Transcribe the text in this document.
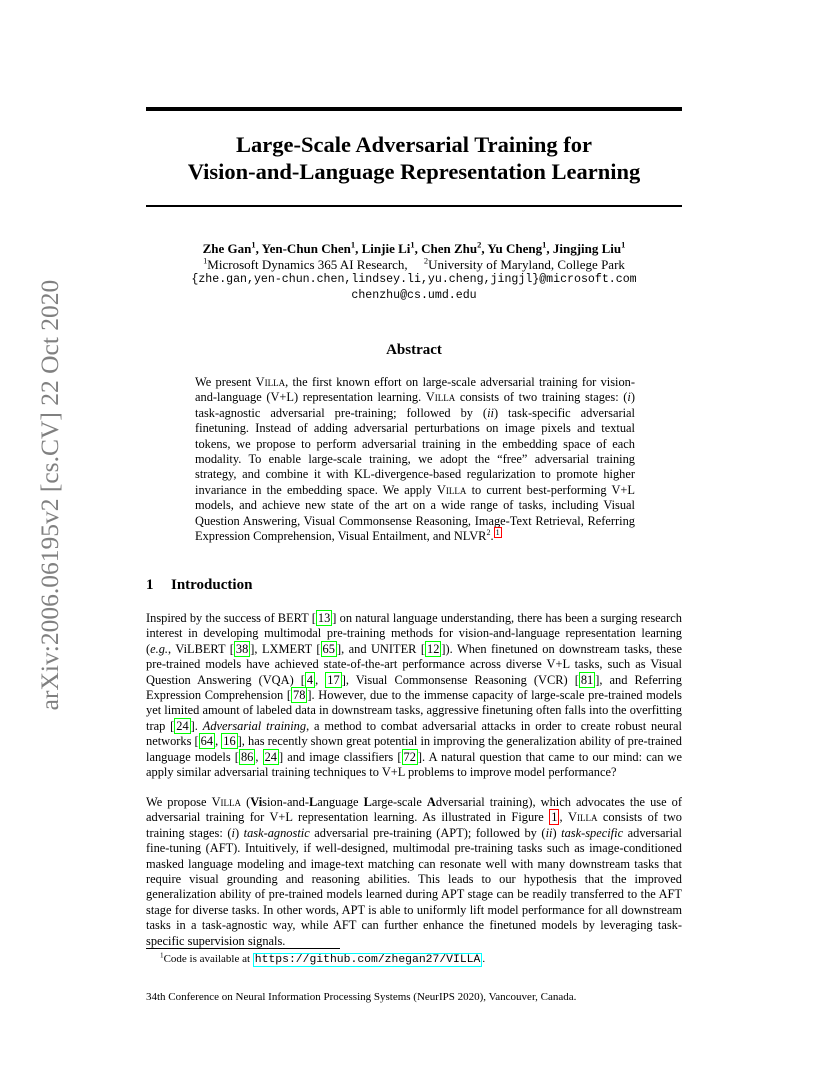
Large-Scale Adversarial Training for
Vision-and-Language Representation Learning
Zhe Gan$^1$, Yen-Chun Chen$^1$, Linjie Li$^1$, Chen Zhu$^2$, Yu Cheng$^1$, Jingjing Liu$^1$
$^1$Microsoft Dynamics 365 AI Research, $^2$University of Maryland, College Park
{zhe.gan,yen-chun.chen,lindsey.li,yu.cheng,jingjl}@microsoft.com
chenzhu@cs.umd.edu
arXiv:2006.06195v2 [cs.CV] 22 Oct 2020	Abstract
We present Villa, the first known effort on large-scale adversarial training for vision-and-language (V+L) representation learning. Villa consists of two training stages: (i) task-agnostic adversarial pre-training; followed by (ii) task-specific adversarial finetuning. Instead of adding adversarial perturbations on image pixels and textual tokens, we propose to perform adversarial training in the embedding space of each modality. To enable large-scale training, we adopt the “free” adversarial training strategy, and combine it with KL-divergence-based regularization to promote higher invariance in the embedding space. We apply Villa to current best-performing V+L models, and achieve new state of the art on a wide range of tasks, including Visual Question Answering, Visual Commonsense Reasoning, Image-Text Retrieval, Referring Expression Comprehension, Visual Entailment, and NLVR$^2$. $^1$
1 Introduction
Inspired by the success of BERT [ 13 ] on natural language understanding, there has been a surging research interest in developing multimodal pre-training methods for vision-and-language representation learning (e.g., ViLBERT [ 38 ], LXMERT [ 65 ], and UNITER [ 12 ]). When finetuned on downstream tasks, these pre-trained models have achieved state-of-the-art performance across diverse V+L tasks, such as Visual Question Answering (VQA) [ 4 , 17 ], Visual Commonsense Reasoning (VCR) [ 81 ], and Referring Expression Comprehension [ 78 ]. However, due to the immense capacity of large-scale pre-trained models yet limited amount of labeled data in downstream tasks, aggressive finetuning often falls into the overfitting trap [ 24 ]. Adversarial training, a method to combat adversarial attacks in order to create robust neural networks [ 64 , 16 ], has recently shown great potential in improving the generalization ability of pre-trained language models [ 86 , 24 ] and image classifiers [ 72 ]. A natural question that came to our mind: can we apply similar adversarial training techniques to V+L problems to improve model performance?
We propose Villa (Vision-and-Language Large-scale Adversarial training), which advocates the use of adversarial training for V+L representation learning. As illustrated in Figure 1 , Villa consists of two training stages: (i) task-agnostic adversarial pre-training (APT); followed by (ii) task-specific adversarial fine-tuning (AFT). Intuitively, if well-designed, multimodal pre-training tasks such as image-conditioned masked language modeling and image-text matching can resonate well with many downstream tasks that require visual grounding and reasoning abilities. This leads to our hypothesis that the improved generalization ability of pre-trained models learned during APT stage can be readily transferred to the AFT stage for diverse tasks. In other words, APT is able to uniformly lift model performance for all downstream tasks in a task-agnostic way, while AFT can further enhance the finetuned models by leveraging task-specific supervision signals.
$^1$Code is available at https://github.com/zhegan27/VILLA .
34th Conference on Neural Information Processing Systems (NeurIPS 2020), Vancouver, Canada.
